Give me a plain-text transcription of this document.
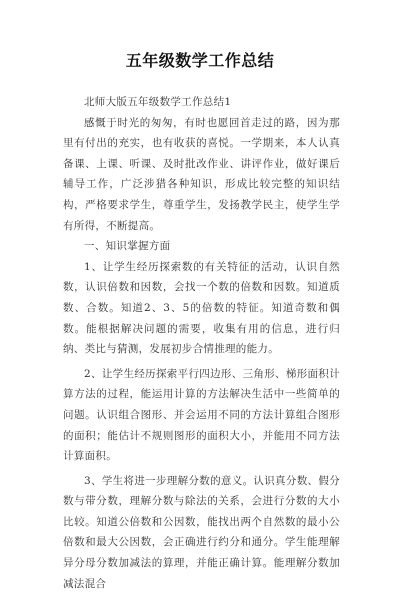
五年级数学工作总结

北师大版五年级数学工作总结1

感慨于时光的匆匆，有时也愿回首走过的路，因为那里有付出的充实，也有收获的喜悦。一学期来，本人认真备课、上课、听课、及时批改作业、讲评作业，做好课后辅导工作，广泛涉猎各种知识，形成比较完整的知识结构，严格要求学生，尊重学生，发扬教学民主，使学生学有所得，不断提高。

一、知识掌握方面

1、让学生经历探索数的有关特征的活动，认识自然数，认识倍数和因数，会找一个数的倍数和因数。知道质数、合数。知道2、3、5的倍数的特征。知道奇数和偶数。能根据解决问题的需要，收集有用的信息，进行归纳、类比与猜测，发展初步合情推理的能力。

2、让学生经历探索平行四边形、三角形、梯形面积计算方法的过程，能运用计算的方法解决生活中一些简单的问题。认识组合图形、并会运用不同的方法计算组合图形的面积；能估计不规则图形的面积大小，并能用不同方法计算面积。

3、学生将进一步理解分数的意义。认识真分数、假分数与带分数，理解分数与除法的关系，会进行分数的大小比较。知道公倍数和公因数，能找出两个自然数的最小公倍数和最大公因数，会正确进行约分和通分。学生能理解异分母分数加减法的算理，并能正确计算。能理解分数加减法混合
